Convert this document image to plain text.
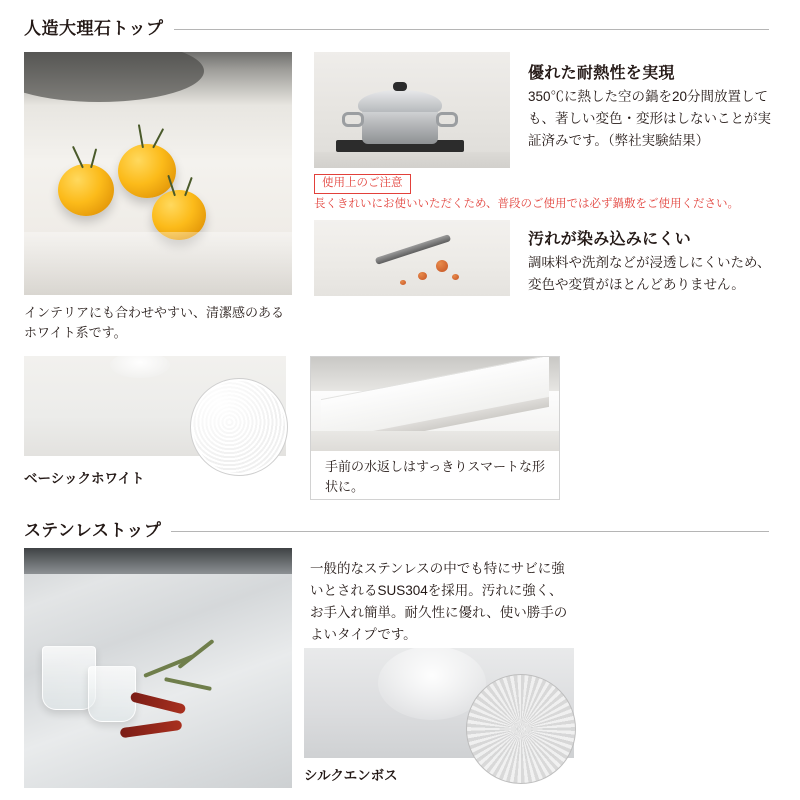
人造大理石トップ
インテリアにも合わせやすい、清潔感のあるホワイト系です。
優れた耐熱性を実現
350℃に熱した空の鍋を20分間放置しても、著しい変色・変形はしないことが実証済みです。（弊社実験結果）
使用上のご注意
長くきれいにお使いいただくため、普段のご使用では必ず鍋敷をご使用ください。
汚れが染み込みにくい
調味料や洗剤などが浸透しにくいため、変色や変質がほとんどありません。
ベーシックホワイト
手前の水返しはすっきりスマートな形状に。
ステンレストップ
一般的なステンレスの中でも特にサビに強いとされるSUS304を採用。汚れに強く、お手入れ簡単。耐久性に優れ、使い勝手のよいタイプです。
シルクエンボス
